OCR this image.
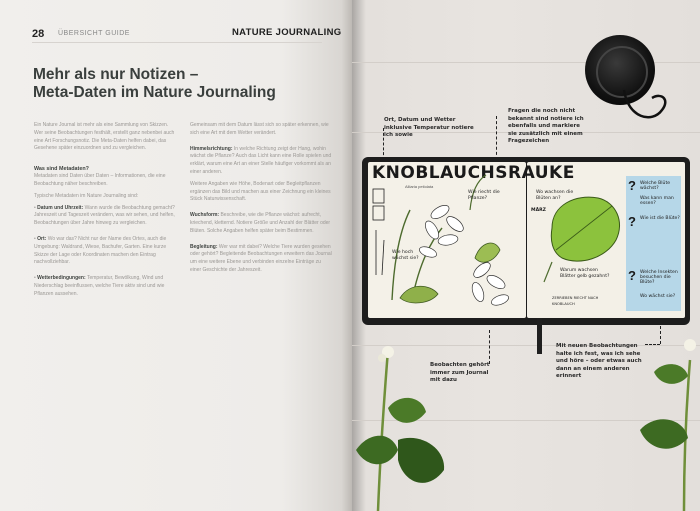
28 ÜBERSICHT GUIDE	NATURE JOURNALING
Mehr als nur Notizen –
Meta-Daten im Nature Journaling

Ein Nature Journal ist mehr als eine Sammlung von Skizzen. Wer seine Beobachtungen festhält, erstellt ganz nebenbei auch eine Art Forschungsnotiz. Die Meta-Daten helfen dabei, das Gesehene später einzuordnen und zu vergleichen.

Was sind Metadaten?

Metadaten sind Daten über Daten – Informationen, die eine Beobachtung näher beschreiben.

Typische Metadaten im Nature Journaling sind:

• Datum und Uhrzeit: Wann wurde die Beobachtung gemacht? Jahreszeit und Tageszeit verändern, was wir sehen, und helfen, Beobachtungen über Jahre hinweg zu vergleichen.
• Ort: Wo war das? Nicht nur der Name des Ortes, auch die Umgebung: Waldrand, Wiese, Bachufer, Garten. Eine kurze Skizze der Lage oder Koordinaten machen den Eintrag nachvollziehbar.
• Wetterbedingungen: Temperatur, Bewölkung, Wind und Niederschlag beeinflussen, welche Tiere aktiv sind und wie Pflanzen aussehen.

Gemeinsam mit dem Datum lässt sich so später erkennen, wie sich eine Art mit dem Wetter verändert.

Himmelsrichtung: In welche Richtung zeigt der Hang, wohin wächst die Pflanze? Auch das Licht kann eine Rolle spielen und erklärt, warum eine Art an einer Stelle häufiger vorkommt als an einer anderen.

Weitere Angaben wie Höhe, Bodenart oder Begleitpflanzen ergänzen das Bild und machen aus einer Zeichnung ein kleines Stück Naturwissenschaft.

Wuchsform: Beschreibe, wie die Pflanze wächst: aufrecht, kriechend, kletternd. Notiere Größe und Anzahl der Blätter oder Blüten. Solche Angaben helfen später beim Bestimmen.

Begleitung: Wer war mit dabei? Welche Tiere wurden gesehen oder gehört? Begleitende Beobachtungen erweitern das Journal um eine weitere Ebene und verbinden einzelne Einträge zu einer Geschichte der Jahreszeit.

Ort, Datum und Wetter inklusive Temperatur notiere ich sowie
Fragen die noch nicht bekannt sind notiere ich ebenfalls und markiere sie zusätzlich mit einem Fragezeichen
Beobachten gehört immer zum Journal mit dazu
Mit neuen Beobachtungen halte ich fest, was ich sehe und höre – oder etwas auch dann an einem anderen erinnert
KNOBLAUCHSRAUKE
Alliaria petiolata
Wie riecht die Pflanze?
Wie hoch wächst sie?
Wo wachsen die Blüten an?
Warum wachsen Blätter gelb gezahnt?
ZERRIEBEN RIECHT NACH KNOBLAUCH
MÄRZ
?
?
?
Welche Blüte wächst?
Was kann man essen?
Wie ist die Blüte?
Welche Insekten besuchen die Blüte?
Wo wächst sie?
